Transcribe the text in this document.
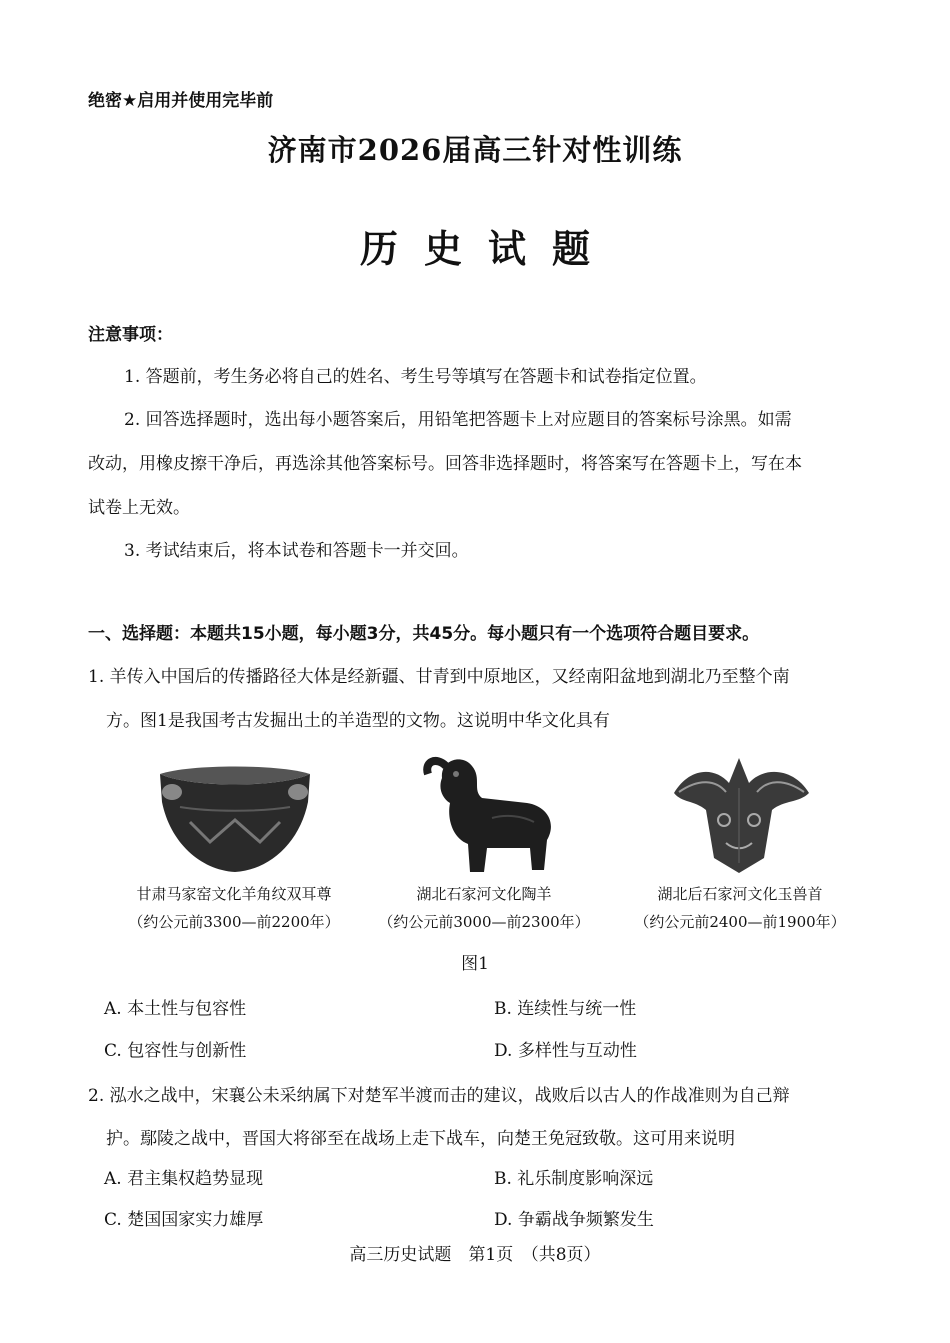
绝密★启用并使用完毕前
济南市2026届高三针对性训练
历史试题
注意事项：
1. 答题前，考生务必将自己的姓名、考生号等填写在答题卡和试卷指定位置。
2. 回答选择题时，选出每小题答案后，用铅笔把答题卡上对应题目的答案标号涂黑。如需
改动，用橡皮擦干净后，再选涂其他答案标号。回答非选择题时，将答案写在答题卡上，写在本
试卷上无效。
3. 考试结束后，将本试卷和答题卡一并交回。
一、选择题：本题共15小题，每小题3分，共45分。每小题只有一个选项符合题目要求。
1. 羊传入中国后的传播路径大体是经新疆、甘青到中原地区，又经南阳盆地到湖北乃至整个南
方。图1是我国考古发掘出土的羊造型的文物。这说明中华文化具有
甘肃马家窑文化羊角纹双耳尊
（约公元前3300—前2200年）
湖北石家河文化陶羊
（约公元前3000—前2300年）
湖北后石家河文化玉兽首
（约公元前2400—前1900年）
图1
A. 本土性与包容性	B. 连续性与统一性
C. 包容性与创新性	D. 多样性与互动性
2. 泓水之战中，宋襄公未采纳属下对楚军半渡而击的建议，战败后以古人的作战准则为自己辩
护。鄢陵之战中，晋国大将郤至在战场上走下战车，向楚王免冠致敬。这可用来说明
A. 君主集权趋势显现	B. 礼乐制度影响深远
C. 楚国国家实力雄厚	D. 争霸战争频繁发生
高三历史试题　第1页　（共8页）
